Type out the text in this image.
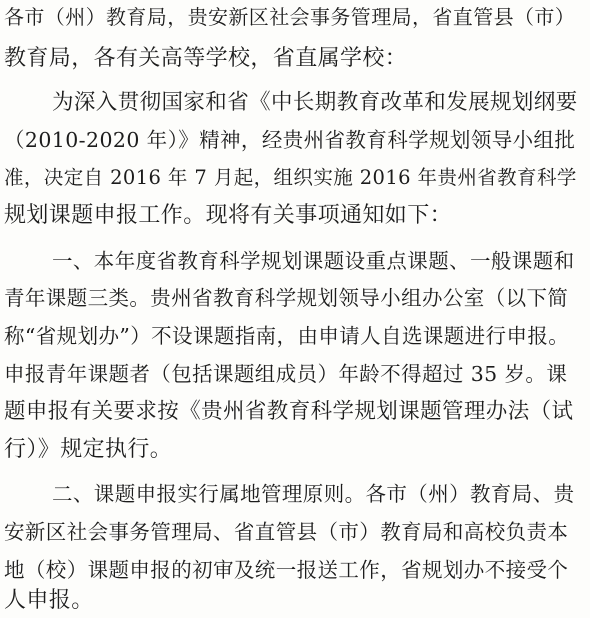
各市（州）教育局，贵安新区社会事务管理局，省直管县（市）
教育局，各有关高等学校，省直属学校：
为深入贯彻国家和省《中长期教育改革和发展规划纲要
（2010-2020 年）》精神，经贵州省教育科学规划领导小组批
准，决定自 2016 年 7 月起，组织实施 2016 年贵州省教育科学
规划课题申报工作。现将有关事项通知如下：
一、本年度省教育科学规划课题设重点课题、一般课题和
青年课题三类。贵州省教育科学规划领导小组办公室（以下简
称“省规划办”）不设课题指南，由申请人自选课题进行申报。
申报青年课题者（包括课题组成员）年龄不得超过 35 岁。课
题申报有关要求按《贵州省教育科学规划课题管理办法（试
行）》规定执行。
二、课题申报实行属地管理原则。各市（州）教育局、贵
安新区社会事务管理局、省直管县（市）教育局和高校负责本
地（校）课题申报的初审及统一报送工作，省规划办不接受个
人申报。
